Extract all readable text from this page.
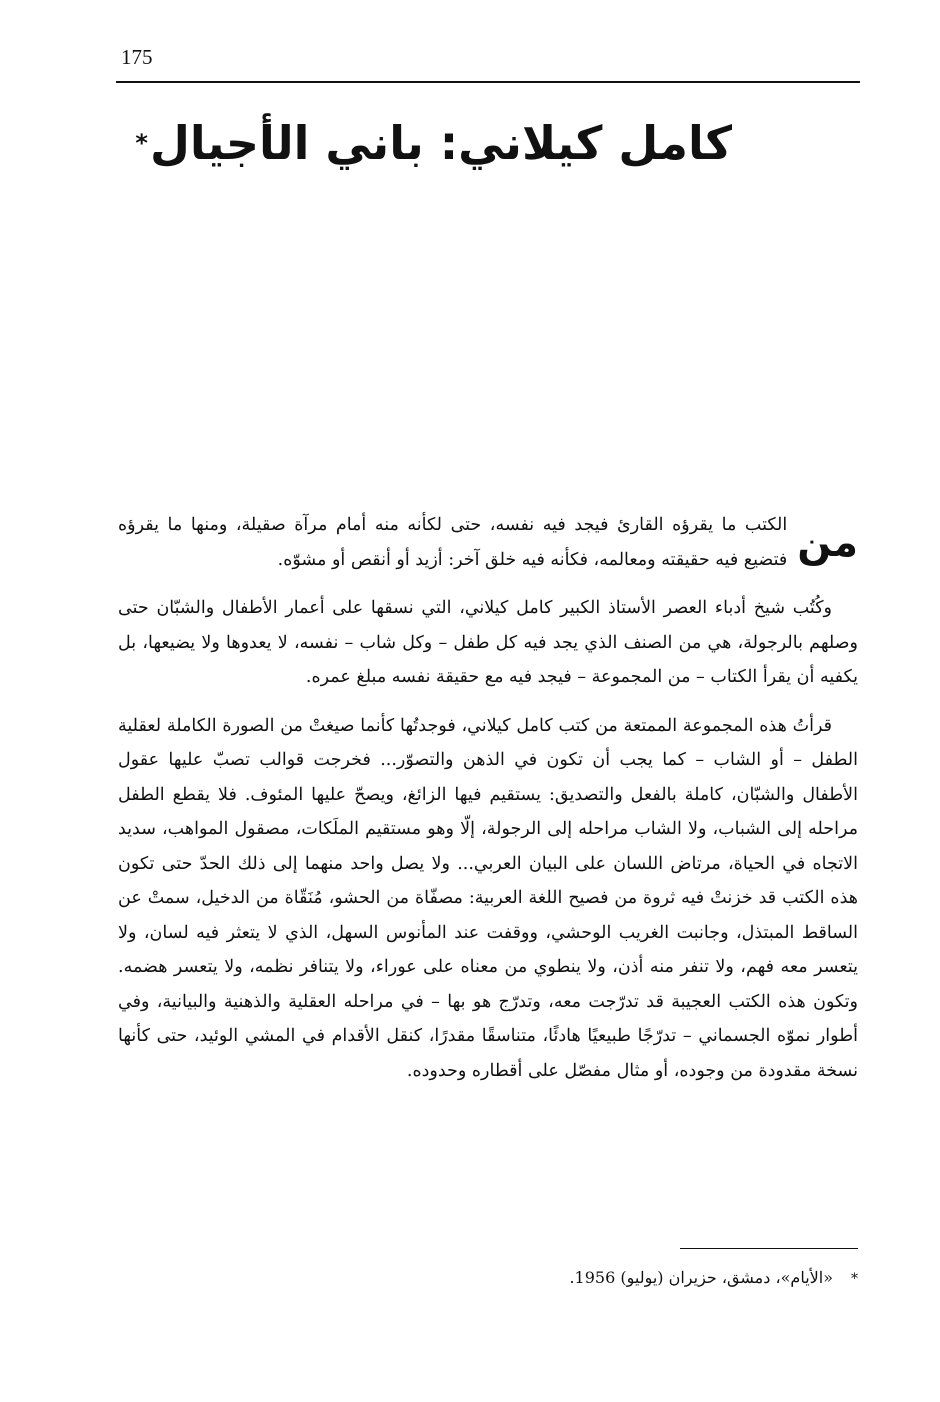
175
كامل كيلاني: باني الأجيال*

من
الكتب ما يقرؤه القارئ فيجد فيه نفسه، حتى لكأنه منه أمام مرآة صقيلة، ومنها ما يقرؤه فتضيع فيه حقيقته ومعالمه، فكأنه فيه خلق آخر: أزيد أو أنقص أو مشوّه.

وكُتُب شيخ أدباء العصر الأستاذ الكبير كامل كيلاني، التي نسقها على أعمار الأطفال والشبّان حتى وصلهم بالرجولة، هي من الصنف الذي يجد فيه كل طفل – وكل شاب – نفسه، لا يعدوها ولا يضيعها، بل يكفيه أن يقرأ الكتاب – من المجموعة – فيجد فيه مع حقيقة نفسه مبلغ عمره.

قرأتُ هذه المجموعة الممتعة من كتب كامل كيلاني، فوجدتُها كأنما صيغتْ من الصورة الكاملة لعقلية الطفل – أو الشاب – كما يجب أن تكون في الذهن والتصوّر... فخرجت قوالب تصبّ عليها عقول الأطفال والشبّان، كاملة بالفعل والتصديق: يستقيم فيها الزائغ، ويصحّ عليها المئوف. فلا يقطع الطفل مراحله إلى الشباب، ولا الشاب مراحله إلى الرجولة، إلّا وهو مستقيم الملَكات، مصقول المواهب، سديد الاتجاه في الحياة، مرتاض اللسان على البيان العربي... ولا يصل واحد منهما إلى ذلك الحدّ حتى تكون هذه الكتب قد خزنتْ فيه ثروة من فصيح اللغة العربية: مصفّاة من الحشو، مُنَقّاة من الدخيل، سمتْ عن الساقط المبتذل، وجانبت الغريب الوحشي، ووقفت عند المأنوس السهل، الذي لا يتعثر فيه لسان، ولا يتعسر معه فهم، ولا تنفر منه أذن، ولا ينطوي من معناه على عوراء، ولا يتنافر نظمه، ولا يتعسر هضمه. وتكون هذه الكتب العجيبة قد تدرّجت معه، وتدرّج هو بها – في مراحله العقلية والذهنية والبيانية، وفي أطوار نموّه الجسماني – تدرّجًا طبيعيًا هادئًا، متناسقًا مقدرًا، كنقل الأقدام في المشي الوئيد، حتى كأنها نسخة مقدودة من وجوده، أو مثال مفصّل على أقطاره وحدوده.

*«الأيام»، دمشق، حزيران (يوليو) 1956.
